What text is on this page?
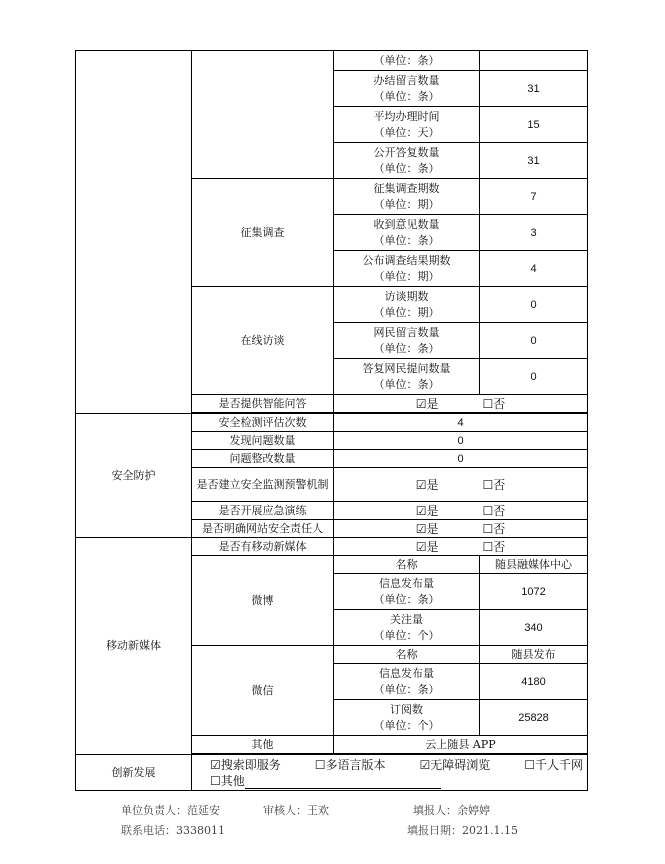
		（单位：条）	

		办结留言数量
（单位：条）	31

		平均办理时间
（单位：天）	15

		公开答复数量
（单位：条）	31
	征集调查	征集调查期数
（单位：期）	7

		收到意见数量
（单位：条）	3

		公布调查结果期数
（单位：期）	4
	在线访谈	访谈期数
（单位：期）	0

		网民留言数量
（单位：条）	0

		答复网民提问数量
（单位：条）	0
	是否提供智能问答	☑是 ☐否	

安全防护	安全检测评估次数	4	
	发现问题数量	0	
	问题整改数量	0	
	是否建立安全监测预警机制	☑是 ☐否	
	是否开展应急演练	☑是 ☐否	
	是否明确网站安全责任人	☑是 ☐否	
移动新媒体	是否有移动新媒体	☑是 ☐否	
	微博	名称	随县融媒体中心

		信息发布量
（单位：条）	1072

		关注量
（单位：个）	340
	微信	名称	随县发布

		信息发布量
（单位：条）	4180

		订阅数
（单位：个）	25828
	其他	云上随县 APP	

创新发展	☑搜索即服务 ☐多语言版本 ☑无障碍浏览 ☐千人千网
☐其他		
单位负责人：范延安	审核人：王欢	填报人：余婷婷
联系电话：3338011	填报日期：2021.1.15
